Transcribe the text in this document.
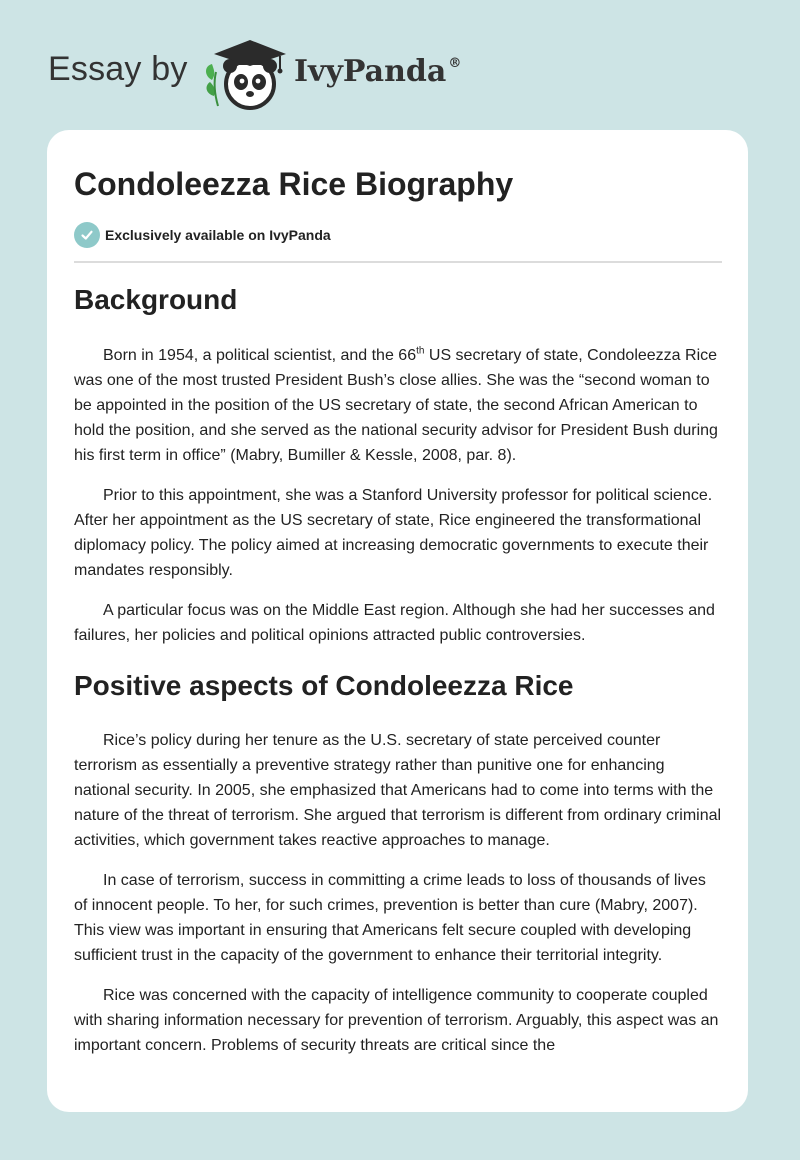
Essay by	IvyPanda ®
Condoleezza Rice Biography
Exclusively available on IvyPanda
Background

Born in 1954, a political scientist, and the 66th US secretary of state, Condoleezza Rice was one of the most trusted President Bush’s close allies. She was the “second woman to be appointed in the position of the US secretary of state, the second African American to hold the position, and she served as the national security advisor for President Bush during his first term in office” (Mabry, Bumiller & Kessle, 2008, par. 8).

Prior to this appointment, she was a Stanford University professor for political science. After her appointment as the US secretary of state, Rice engineered the transformational diplomacy policy. The policy aimed at increasing democratic governments to execute their mandates responsibly.

A particular focus was on the Middle East region. Although she had her successes and failures, her policies and political opinions attracted public controversies.

Positive aspects of Condoleezza Rice

Rice’s policy during her tenure as the U.S. secretary of state perceived counter terrorism as essentially a preventive strategy rather than punitive one for enhancing national security. In 2005, she emphasized that Americans had to come into terms with the nature of the threat of terrorism. She argued that terrorism is different from ordinary criminal activities, which government takes reactive approaches to manage.

In case of terrorism, success in committing a crime leads to loss of thousands of lives of innocent people. To her, for such crimes, prevention is better than cure (Mabry, 2007). This view was important in ensuring that Americans felt secure coupled with developing sufficient trust in the capacity of the government to enhance their territorial integrity.

Rice was concerned with the capacity of intelligence community to cooperate coupled with sharing information necessary for prevention of terrorism. Arguably, this aspect was an important concern. Problems of security threats are critical since the
